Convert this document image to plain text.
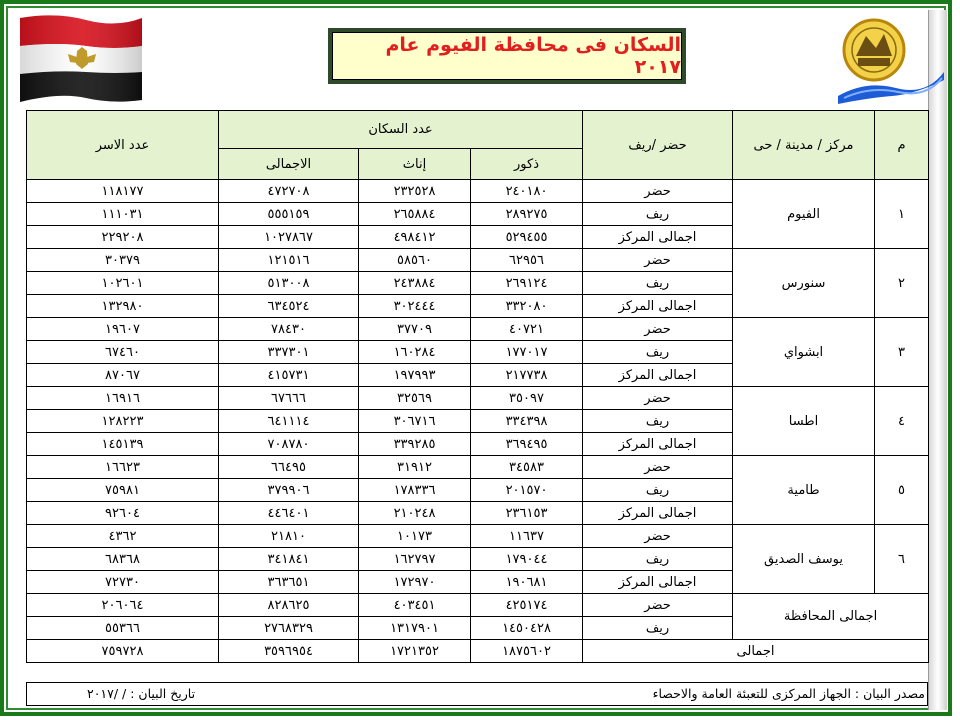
السكان فى محافظة الفيوم عام ٢٠١٧
م	مركز / مدينة / حى	حضر /ريف	عدد السكان			عدد الاسر
			ذكور	إناث	الاجمالى	
١	الفيوم	حضر	٢٤٠١٨٠	٢٣٢٥٢٨	٤٧٢٧٠٨	١١٨١٧٧
		ريف	٢٨٩٢٧٥	٢٦٥٨٨٤	٥٥٥١٥٩	١١١٠٣١
		اجمالى المركز	٥٢٩٤٥٥	٤٩٨٤١٢	١٠٢٧٨٦٧	٢٢٩٢٠٨
٢	سنورس	حضر	٦٢٩٥٦	٥٨٥٦٠	١٢١٥١٦	٣٠٣٧٩
		ريف	٢٦٩١٢٤	٢٤٣٨٨٤	٥١٣٠٠٨	١٠٢٦٠١
		اجمالى المركز	٣٣٢٠٨٠	٣٠٢٤٤٤	٦٣٤٥٢٤	١٣٢٩٨٠
٣	ابشواي	حضر	٤٠٧٢١	٣٧٧٠٩	٧٨٤٣٠	١٩٦٠٧
		ريف	١٧٧٠١٧	١٦٠٢٨٤	٣٣٧٣٠١	٦٧٤٦٠
		اجمالى المركز	٢١٧٧٣٨	١٩٧٩٩٣	٤١٥٧٣١	٨٧٠٦٧
٤	اطسا	حضر	٣٥٠٩٧	٣٢٥٦٩	٦٧٦٦٦	١٦٩١٦
		ريف	٣٣٤٣٩٨	٣٠٦٧١٦	٦٤١١١٤	١٢٨٢٢٣
		اجمالى المركز	٣٦٩٤٩٥	٣٣٩٢٨٥	٧٠٨٧٨٠	١٤٥١٣٩
٥	طامية	حضر	٣٤٥٨٣	٣١٩١٢	٦٦٤٩٥	١٦٦٢٣
		ريف	٢٠١٥٧٠	١٧٨٣٣٦	٣٧٩٩٠٦	٧٥٩٨١
		اجمالى المركز	٢٣٦١٥٣	٢١٠٢٤٨	٤٤٦٤٠١	٩٢٦٠٤
٦	يوسف الصديق	حضر	١١٦٣٧	١٠١٧٣	٢١٨١٠	٤٣٦٢
		ريف	١٧٩٠٤٤	١٦٢٧٩٧	٣٤١٨٤١	٦٨٣٦٨
		اجمالى المركز	١٩٠٦٨١	١٧٢٩٧٠	٣٦٣٦٥١	٧٢٧٣٠
اجمالى المحافظة		حضر	٤٢٥١٧٤	٤٠٣٤٥١	٨٢٨٦٢٥	٢٠٦٠٦٤
		ريف	١٤٥٠٤٢٨	١٣١٧٩٠١	٢٧٦٨٣٢٩	٥٥٣٦٦
اجمالى			١٨٧٥٦٠٢	١٧٢١٣٥٢	٣٥٩٦٩٥٤	٧٥٩٧٢٨
مصدر البيان : الجهاز المركزى للتعبئة العامة والاحصاء
تاريخ البيان : / /٢٠١٧
